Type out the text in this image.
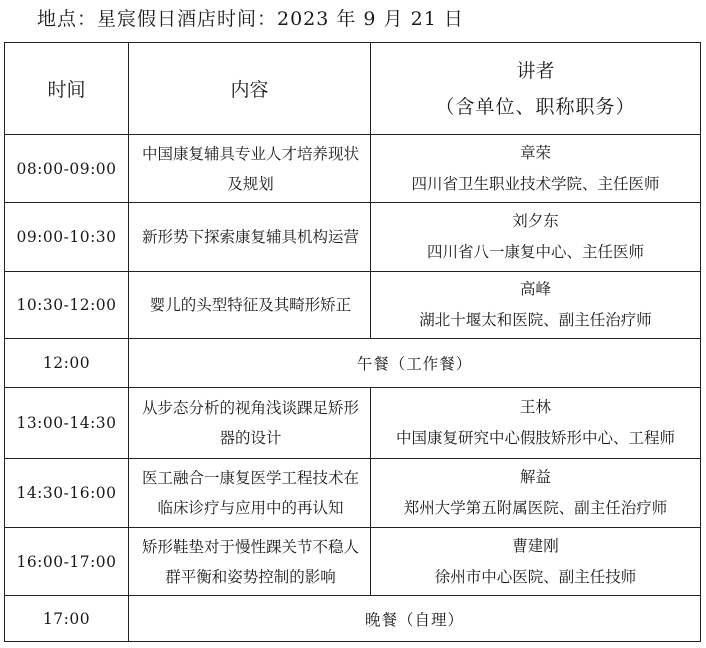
地点：星宸假日酒店时间：2023 年 9 月 21 日
时间	内容	讲者
（含单位、职称职务）

08:00-09:00	中国康复辅具专业人才培养现状及规划	章荣
四川省卫生职业技术学院、主任医师

09:00-10:30	新形势下探索康复辅具机构运营	刘夕东
四川省八一康复中心、主任医师

10:30-12:00	婴儿的头型特征及其畸形矫正	高峰
湖北十堰太和医院、副主任治疗师

12:00	午餐（工作餐）	
13:00-14:30	从步态分析的视角浅谈踝足矫形器的设计	王林
中国康复研究中心假肢矫形中心、工程师

14:30-16:00	医工融合一康复医学工程技术在临床诊疗与应用中的再认知	解益
郑州大学第五附属医院、副主任治疗师

16:00-17:00	矫形鞋垫对于慢性踝关节不稳人群平衡和姿势控制的影响	曹建刚
徐州市中心医院、副主任技师

17:00	晚餐（自理）	
